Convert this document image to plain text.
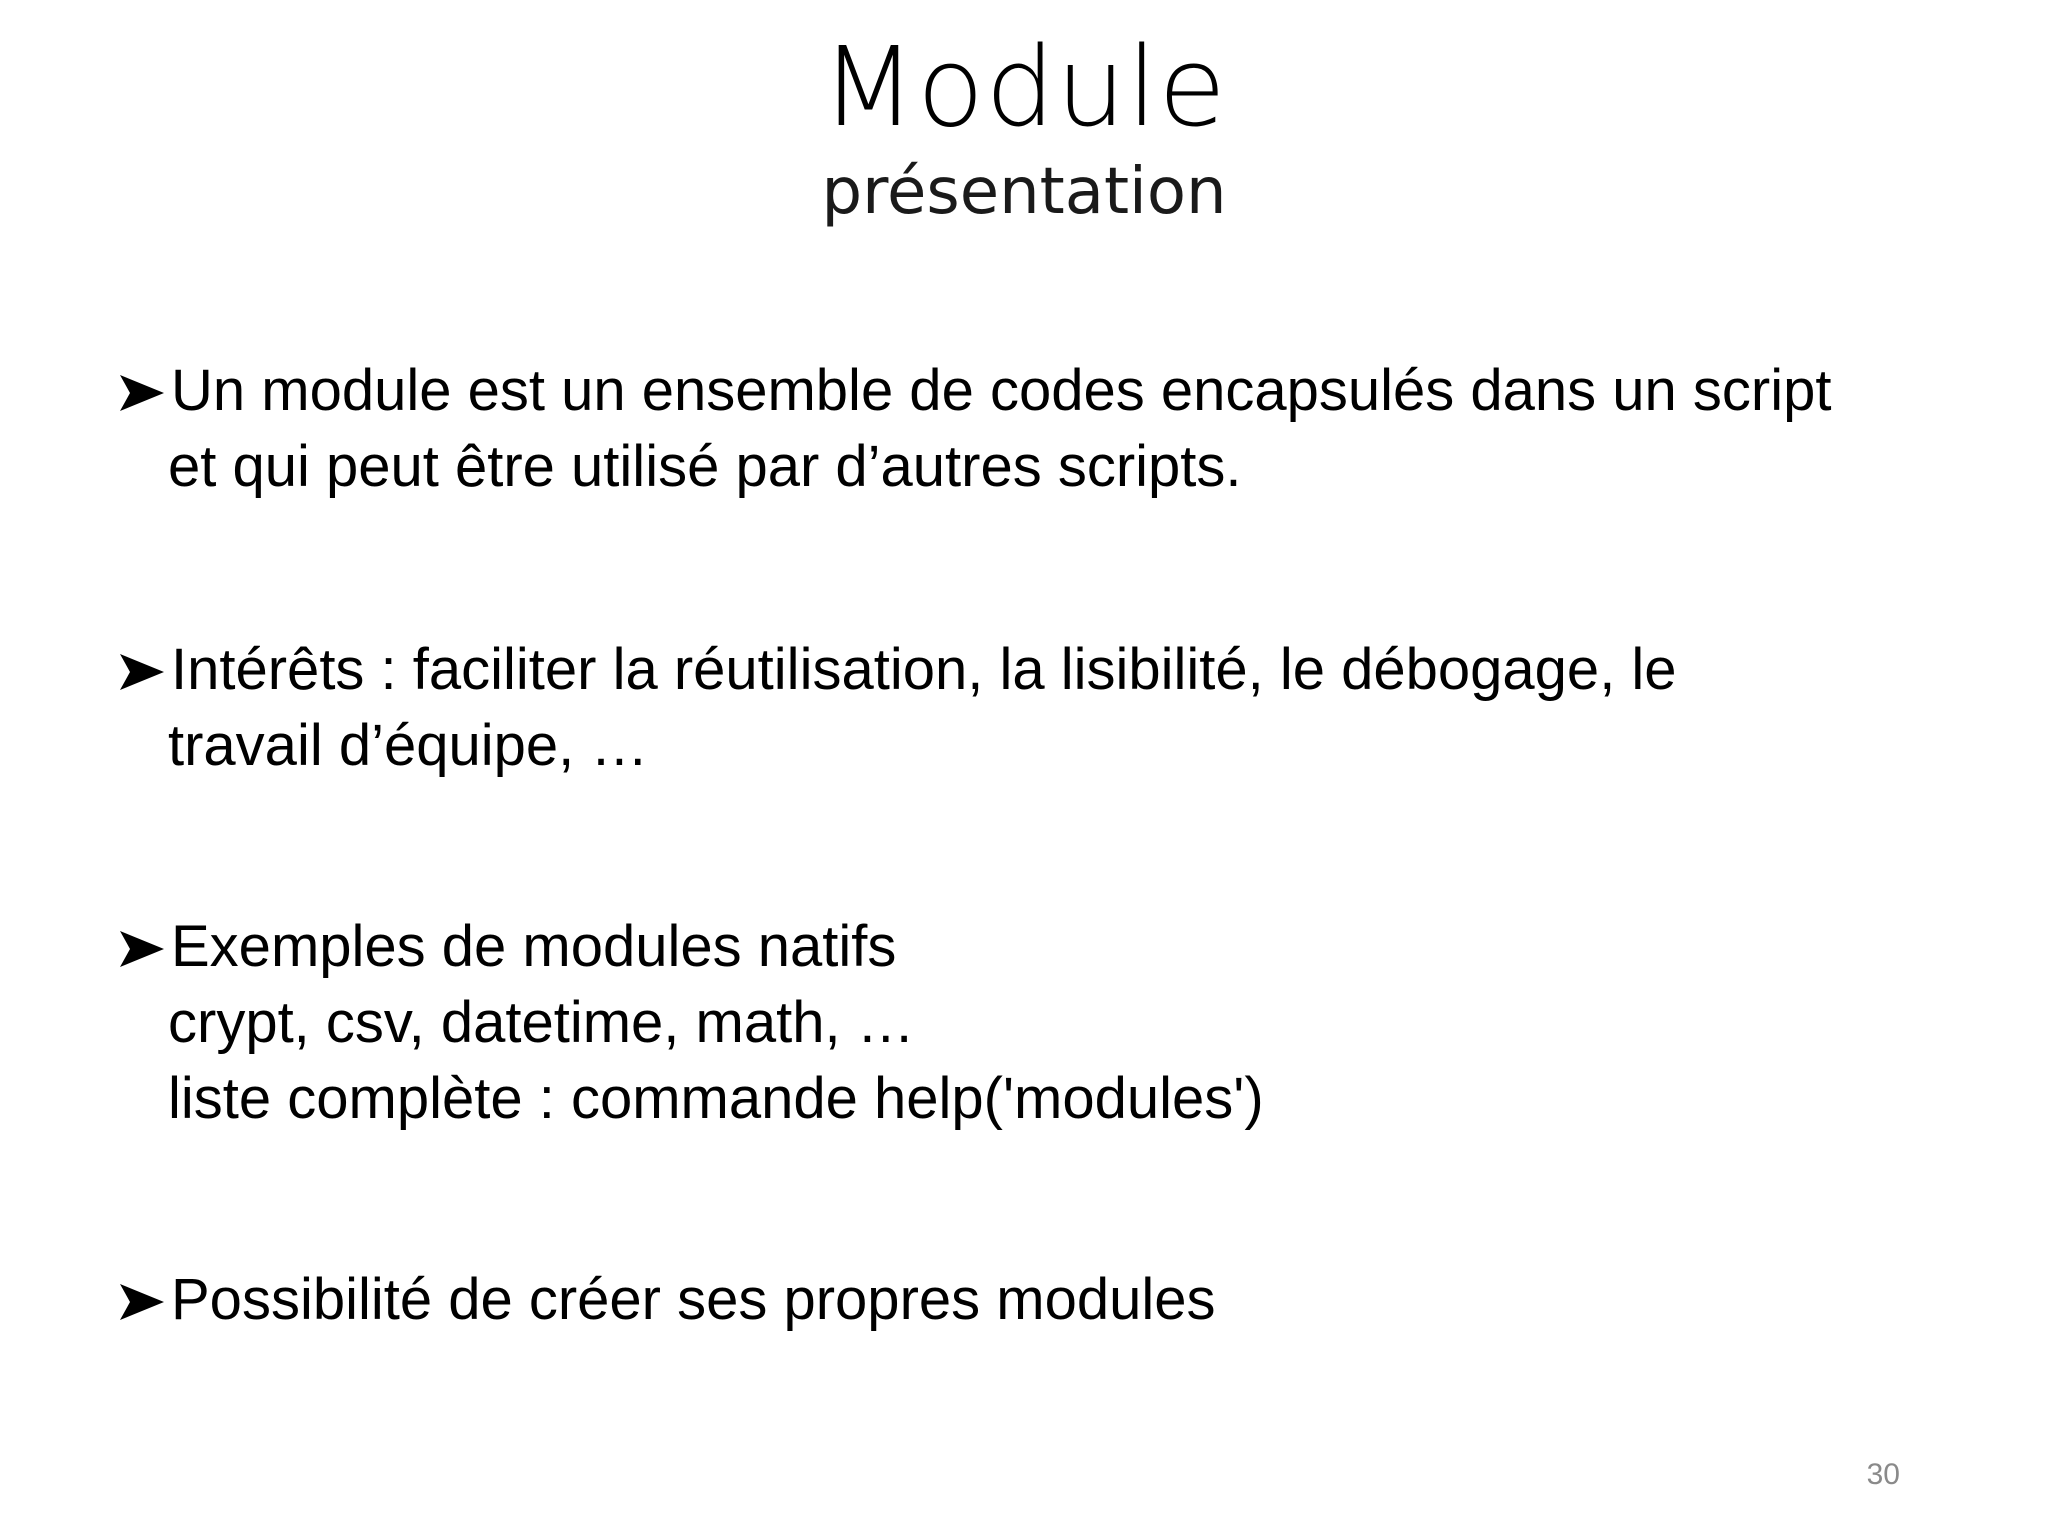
Module
présentation
Un module est un ensemble de codes encapsulés dans un script
et qui peut être utilisé par d’autres scripts.
Intérêts : faciliter la réutilisation, la lisibilité, le débogage, le
travail d’équipe, …
Exemples de modules natifs
crypt, csv, datetime, math, …
liste complète : commande help('modules')
Possibilité de créer ses propres modules
30
